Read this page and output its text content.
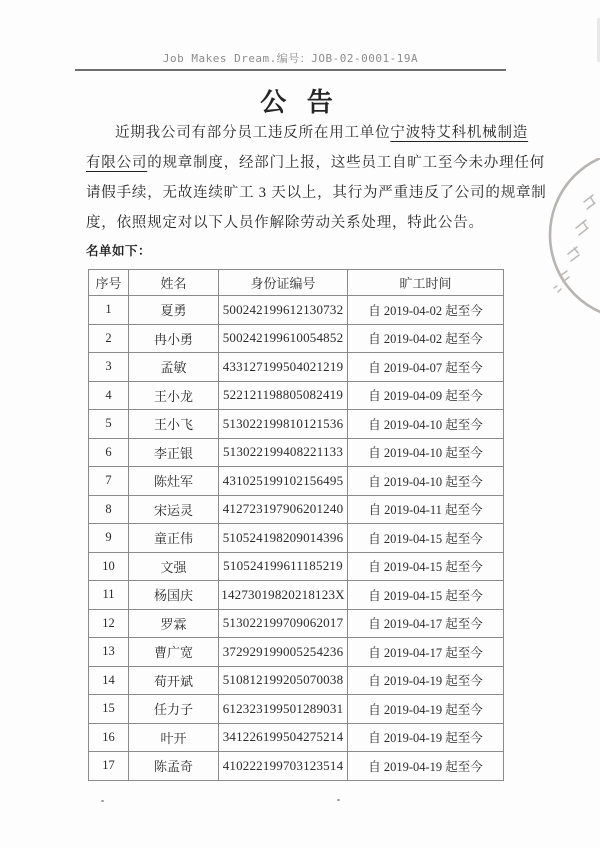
Job Makes Dream.编号：JOB-02-0001-19A
公 告
近期我公司有部分员工违反所在用工单位宁波特艾科机械制造
有限公司的规章制度，经部门上报，这些员工自旷工至今未办理任何
请假手续，无故连续旷工 3 天以上，其行为严重违反了公司的规章制
度，依照规定对以下人员作解除劳动关系处理，特此公告。
名单如下：
序号	姓名	身份证编号	旷工时间
1	夏勇	500242199612130732	自 2019-04-02 起至今
2	冉小勇	500242199610054852	自 2019-04-02 起至今
3	孟敏	433127199504021219	自 2019-04-07 起至今
4	王小龙	522121198805082419	自 2019-04-09 起至今
5	王小飞	513022199810121536	自 2019-04-10 起至今
6	李正银	513022199408221133	自 2019-04-10 起至今
7	陈灶军	431025199102156495	自 2019-04-10 起至今
8	宋运灵	412723197906201240	自 2019-04-11 起至今
9	童正伟	510524198209014396	自 2019-04-15 起至今
10	文强	510524199611185219	自 2019-04-15 起至今
11	杨国庆	14273019820218123X	自 2019-04-15 起至今
12	罗霖	513022199709062017	自 2019-04-17 起至今
13	曹广宽	372929199005254236	自 2019-04-17 起至今
14	荀开斌	510812199205070038	自 2019-04-19 起至今
15	任力子	612323199501289031	自 2019-04-19 起至今
16	叶开	341226199504275214	自 2019-04-19 起至今
17	陈孟奇	410222199703123514	自 2019-04-19 起至今
